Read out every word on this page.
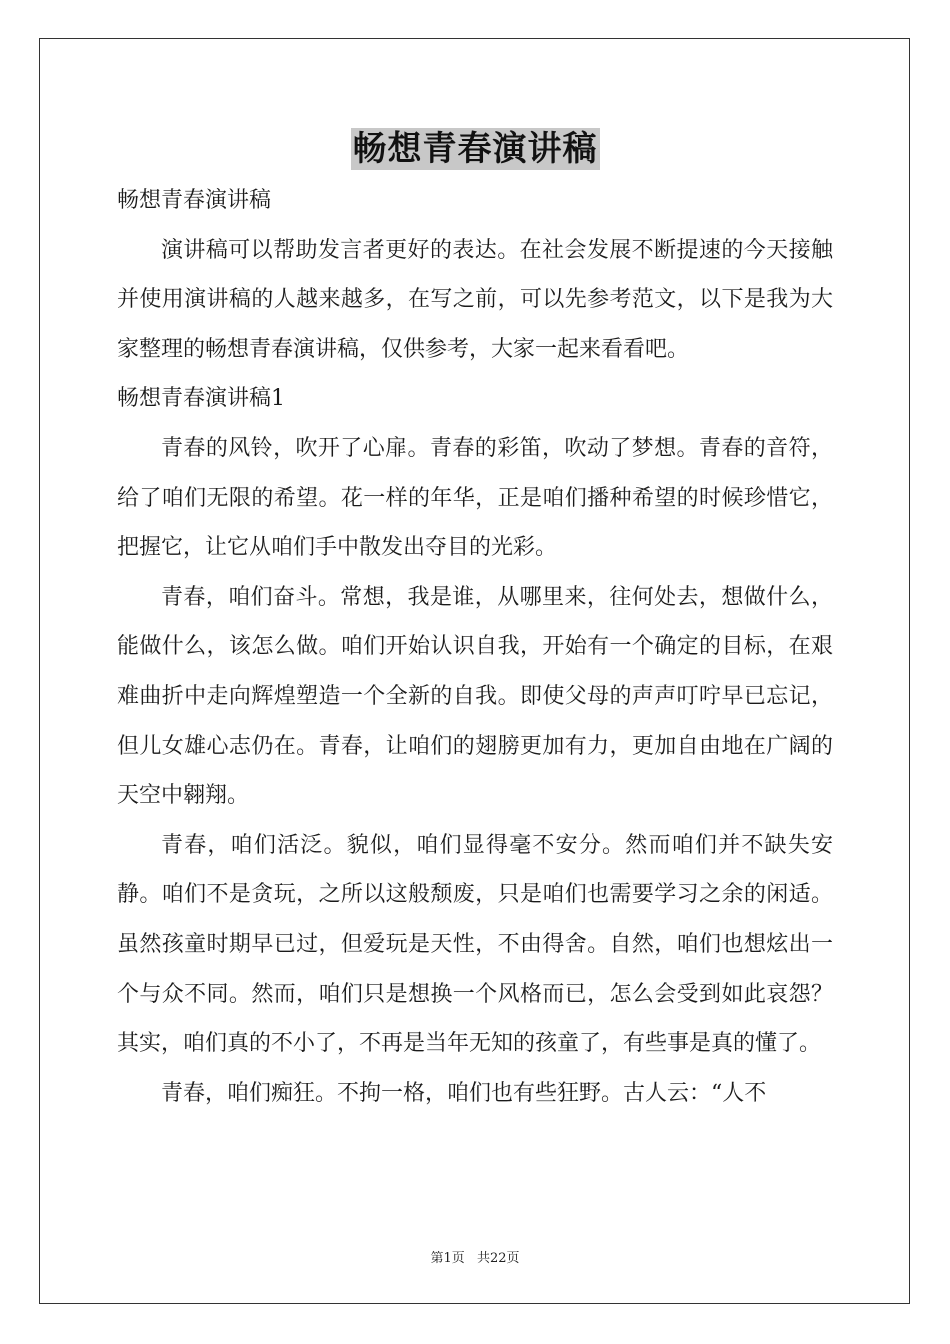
畅想青春演讲稿

畅想青春演讲稿

演讲稿可以帮助发言者更好的表达。在社会发展不断提速的今天接触并使用演讲稿的人越来越多，在写之前，可以先参考范文，以下是我为大家整理的畅想青春演讲稿，仅供参考，大家一起来看看吧。

畅想青春演讲稿1

青春的风铃，吹开了心扉。青春的彩笛，吹动了梦想。青春的音符，给了咱们无限的希望。花一样的年华，正是咱们播种希望的时候珍惜它，把握它，让它从咱们手中散发出夺目的光彩。

青春，咱们奋斗。常想，我是谁，从哪里来，往何处去，想做什么，能做什么，该怎么做。咱们开始认识自我，开始有一个确定的目标，在艰难曲折中走向辉煌塑造一个全新的自我。即使父母的声声叮咛早已忘记，但儿女雄心志仍在。青春，让咱们的翅膀更加有力，更加自由地在广阔的天空中翱翔。

青春，咱们活泛。貌似，咱们显得毫不安分。然而咱们并不缺失安静。咱们不是贪玩，之所以这般颓废，只是咱们也需要学习之余的闲适。虽然孩童时期早已过，但爱玩是天性，不由得舍。自然，咱们也想炫出一个与众不同。然而，咱们只是想换一个风格而已，怎么会受到如此哀怨？其实，咱们真的不小了，不再是当年无知的孩童了，有些事是真的懂了。

青春，咱们痴狂。不拘一格，咱们也有些狂野。古人云：“人不

第1页 共22页
